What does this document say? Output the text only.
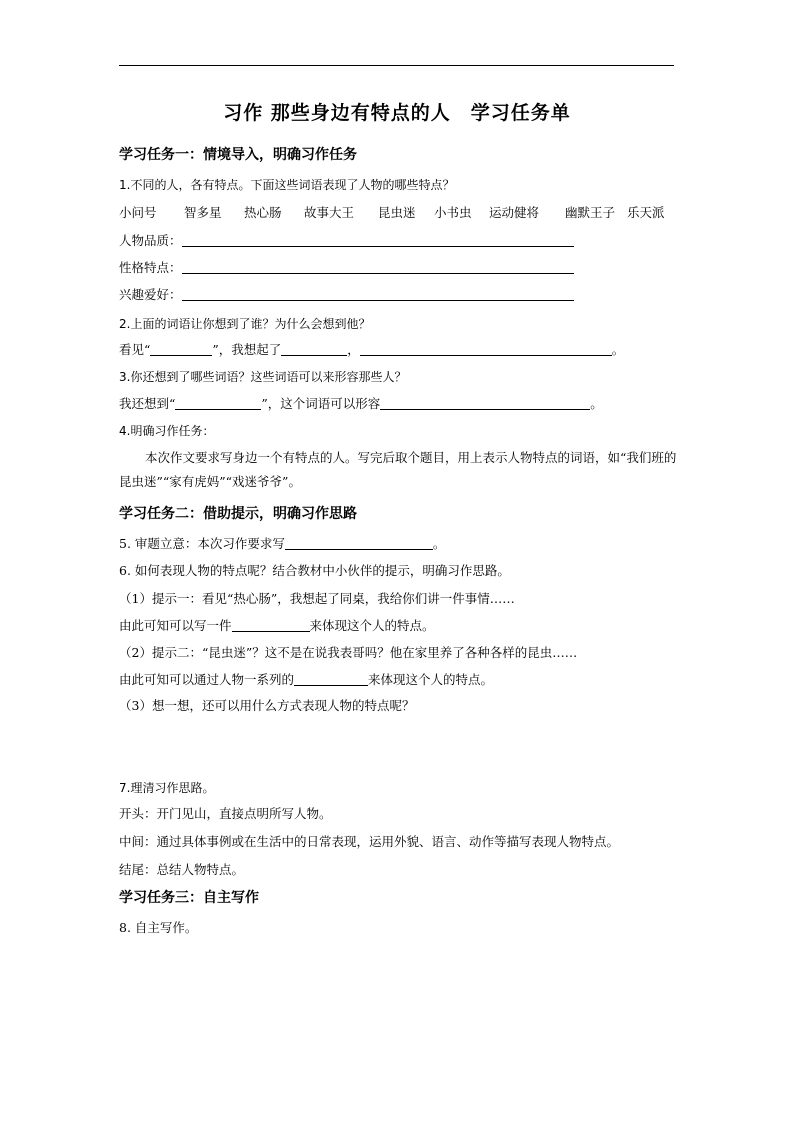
习作 那些身边有特点的人　学习任务单
学习任务一：情境导入，明确习作任务
1.不同的人，各有特点。下面这些词语表现了人物的哪些特点？
小问号 智多星 热心肠 故事大王 昆虫迷 小书虫 运动健将 幽默王子 乐天派
人物品质：
性格特点：
兴趣爱好：
2.上面的词语让你想到了谁？为什么会想到他？
看见“	”，我想起了	，	。
3.你还想到了哪些词语？这些词语可以来形容那些人？
我还想到“	”，这个词语可以形容	。
4.明确习作任务：
本次作文要求写身边一个有特点的人。写完后取个题目，用上表示人物特点的词语，如“我们班的昆虫迷”“家有虎妈”“戏迷爷爷”。
学习任务二：借助提示，明确习作思路
5. 审题立意：本次习作要求写	。
6. 如何表现人物的特点呢？结合教材中小伙伴的提示，明确习作思路。
（1）提示一：看见“热心肠”，我想起了同桌，我给你们讲一件事情……
由此可知可以写一件	来体现这个人的特点。
（2）提示二：“昆虫迷”？这不是在说我表哥吗？他在家里养了各种各样的昆虫……
由此可知可以通过人物一系列的	来体现这个人的特点。
（3）想一想，还可以用什么方式表现人物的特点呢？
7.理清习作思路。
开头：开门见山，直接点明所写人物。
中间：通过具体事例或在生活中的日常表现，运用外貌、语言、动作等描写表现人物特点。
结尾：总结人物特点。
学习任务三：自主写作
8. 自主写作。
